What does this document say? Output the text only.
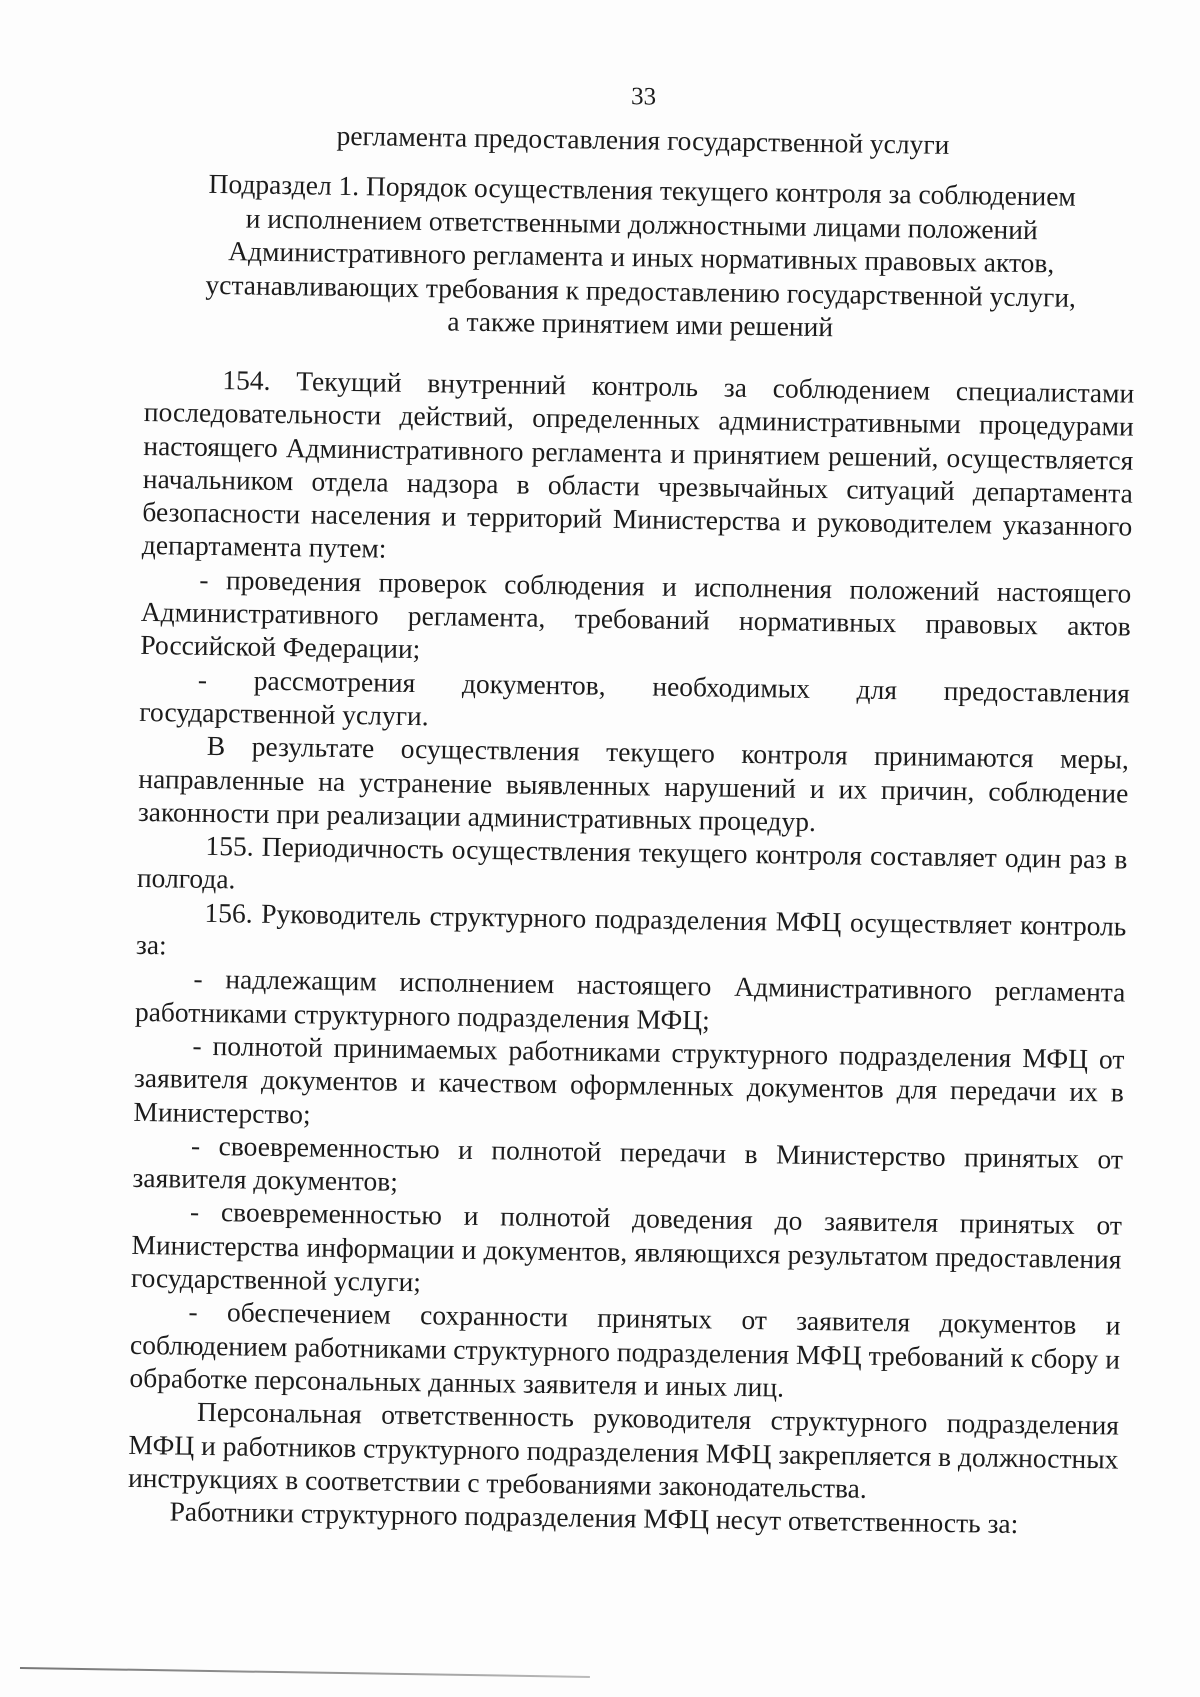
33
регламента предоставления государственной услуги
Подраздел 1. Порядок осуществления текущего контроля за соблюдением
и исполнением ответственными должностными лицами положений
Административного регламента и иных нормативных правовых актов,
устанавливающих требования к предоставлению государственной услуги,
а также принятием ими решений

154. Текущий внутренний контроль за соблюдением специалистами последовательности действий, определенных административными процедурами настоящего Административного регламента и принятием решений, осуществляется начальником отдела надзора в области чрезвычайных ситуаций департамента безопасности населения и территорий Министерства и руководителем указанного департамента путем:

- проведения проверок соблюдения и исполнения положений настоящего Административного регламента, требований нормативных правовых актов Российской Федерации;

- рассмотрения документов, необходимых для предоставления государственной услуги.

В результате осуществления текущего контроля принимаются меры, направленные на устранение выявленных нарушений и их причин, соблюдение законности при реализации административных процедур.

155. Периодичность осуществления текущего контроля составляет один раз в полгода.

156. Руководитель структурного подразделения МФЦ осуществляет контроль за:

- надлежащим исполнением настоящего Административного регламента работниками структурного подразделения МФЦ;

- полнотой принимаемых работниками структурного подразделения МФЦ от заявителя документов и качеством оформленных документов для передачи их в Министерство;

- своевременностью и полнотой передачи в Министерство принятых от заявителя документов;

- своевременностью и полнотой доведения до заявителя принятых от Министерства информации и документов, являющихся результатом предоставления государственной услуги;

- обеспечением сохранности принятых от заявителя документов и соблюдением работниками структурного подразделения МФЦ требований к сбору и обработке персональных данных заявителя и иных лиц.

Персональная ответственность руководителя структурного подразделения МФЦ и работников структурного подразделения МФЦ закрепляется в должностных инструкциях в соответствии с требованиями законодательства.

Работники структурного подразделения МФЦ несут ответственность за:
